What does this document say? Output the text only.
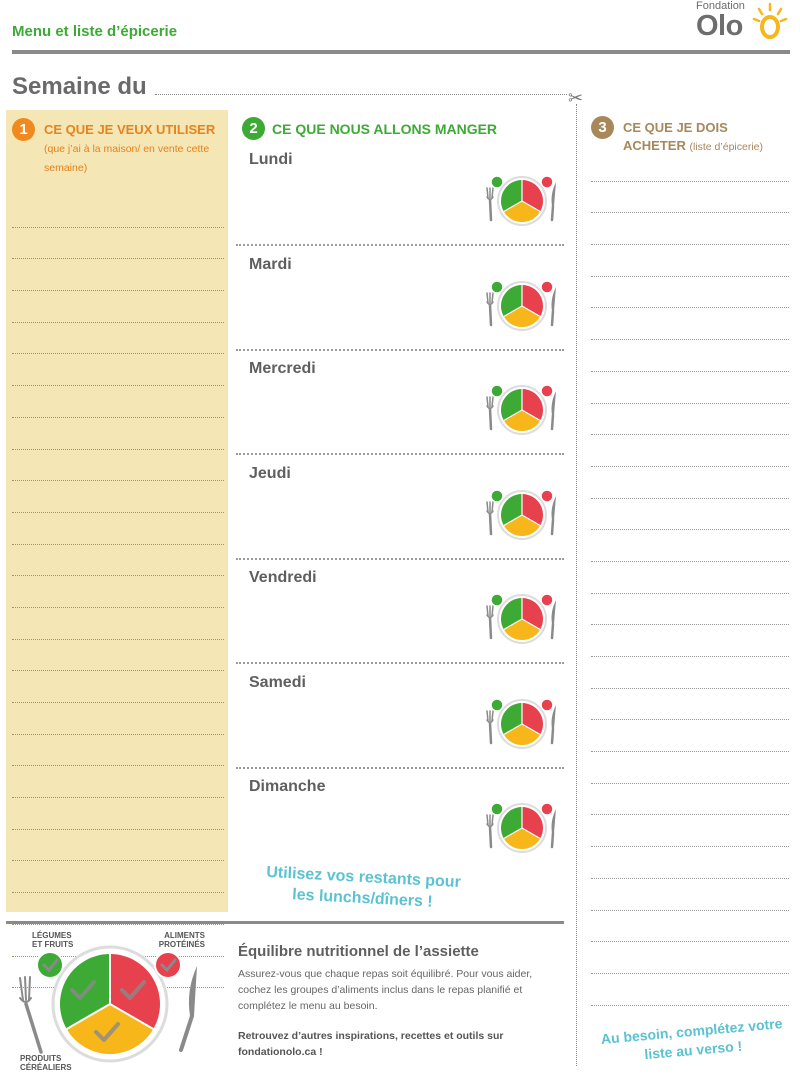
Menu et liste d’épicerie
Fondation
Olo
Semaine du	✂
1	CE QUE JE VEUX UTILISER (que j’ai à la maison/ en vente cette semaine)
2	CE QUE NOUS ALLONS MANGER
Lundi
Mardi
Mercredi
Jeudi
Vendredi
Samedi
Dimanche
Utilisez vos restants pour les lunchs/dîners !
3	CE QUE JE DOIS ACHETER (liste d’épicerie)
LÉGUMES ET FRUITS
ALIMENTS PROTÉINÉS
PRODUITS CÉRÉALIERS
Équilibre nutritionnel de l’assiette
Assurez-vous que chaque repas soit équilibré. Pour vous aider, cochez les groupes d’aliments inclus dans le repas planifié et complétez le menu au besoin.
Retrouvez d’autres inspirations, recettes et outils sur fondationolo.ca !
Au besoin, complétez votre liste au verso !
